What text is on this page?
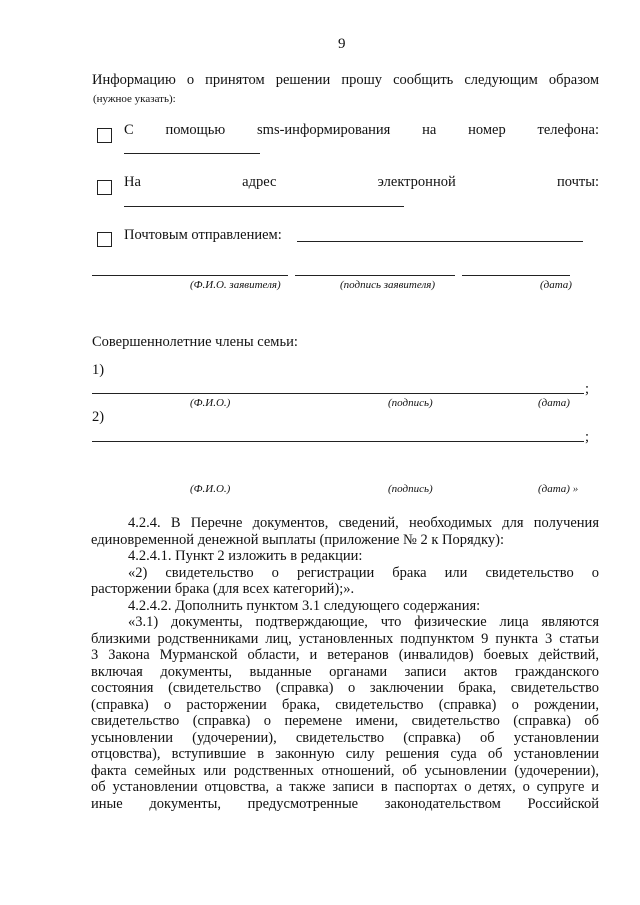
9
Информацию о принятом решении прошу сообщить следующим образом
(нужное указать):
С помощью sms-информирования на номер телефона:
На адрес электронной почты:
Почтовым отправлением:
(Ф.И.О. заявителя)	(подпись заявителя)	(дата)
Совершеннолетние члены семьи:
1)
;
(Ф.И.О.)	(подпись)	(дата)
2)
;
(Ф.И.О.)	(подпись)	(дата) »
4.2.4. В Перечне документов, сведений, необходимых для получения
единовременной денежной выплаты (приложение № 2 к Порядку):
4.2.4.1. Пункт 2 изложить в редакции:
«2) свидетельство о регистрации брака или свидетельство о
расторжении брака (для всех категорий);».
4.2.4.2. Дополнить пунктом 3.1 следующего содержания:
«3.1) документы, подтверждающие, что физические лица являются
близкими родственниками лиц, установленных подпунктом 9 пункта 3 статьи
3 Закона Мурманской области, и ветеранов (инвалидов) боевых действий,
включая документы, выданные органами записи актов гражданского
состояния (свидетельство (справка) о заключении брака, свидетельство
(справка) о расторжении брака, свидетельство (справка) о рождении,
свидетельство (справка) о перемене имени, свидетельство (справка) об
усыновлении (удочерении), свидетельство (справка) об установлении
отцовства), вступившие в законную силу решения суда об установлении
факта семейных или родственных отношений, об усыновлении (удочерении),
об установлении отцовства, а также записи в паспортах о детях, о супруге и
иные документы, предусмотренные законодательством Российской
